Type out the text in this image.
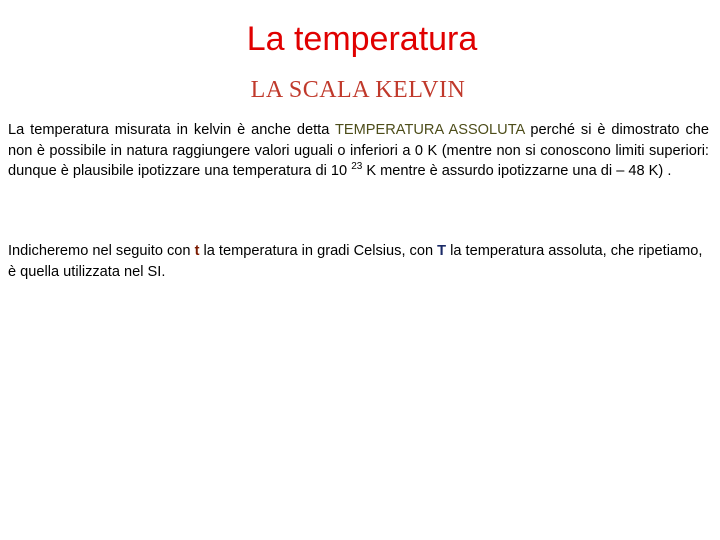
La temperatura
LA SCALA KELVIN

La temperatura misurata in kelvin è anche detta TEMPERATURA ASSOLUTA perché si è dimostrato che non è possibile in natura raggiungere valori uguali o inferiori a 0 K (mentre non si conoscono limiti superiori: dunque è plausibile ipotizzare una temperatura di 10 $^{23}$ K mentre è assurdo ipotizzarne una di – 48 K) .

Indicheremo nel seguito con t la temperatura in gradi Celsius, con T la temperatura assoluta, che ripetiamo, è quella utilizzata nel SI.
